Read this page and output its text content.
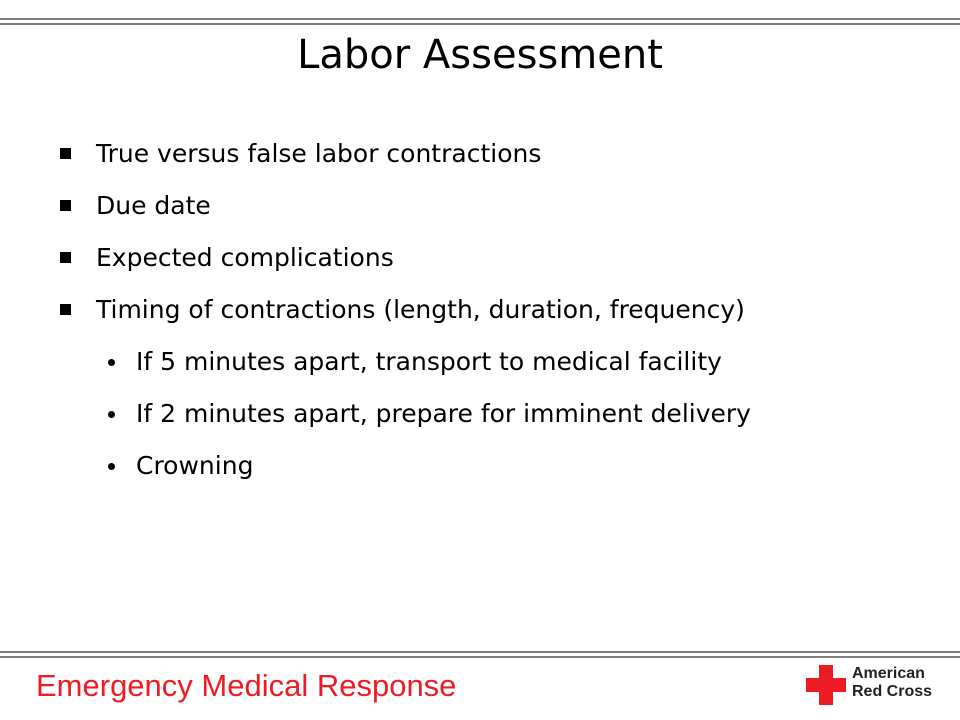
Labor Assessment
True versus false labor contractions
Due date
Expected complications
Timing of contractions (length, duration, frequency)
If 5 minutes apart, transport to medical facility
If 2 minutes apart, prepare for imminent delivery
Crowning
Emergency Medical Response	American
Red Cross
